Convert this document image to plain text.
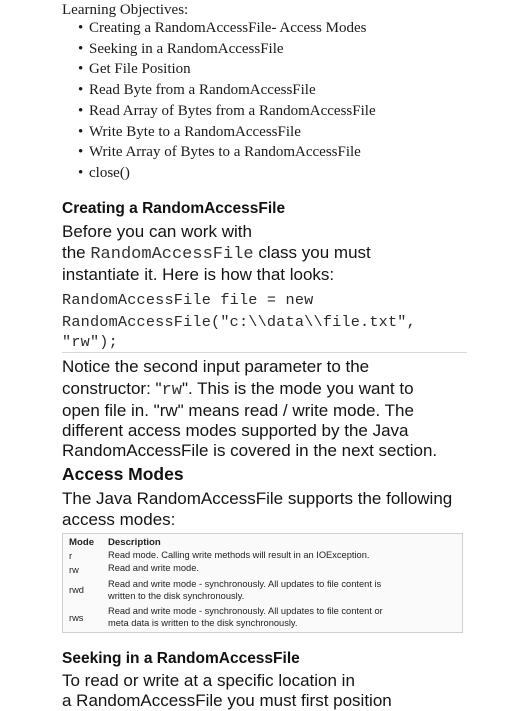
Learning Objectives:
• Creating a RandomAccessFile- Access Modes
• Seeking in a RandomAccessFile
• Get File Position
• Read Byte from a RandomAccessFile
• Read Array of Bytes from a RandomAccessFile
• Write Byte to a RandomAccessFile
• Write Array of Bytes to a RandomAccessFile
• close()
Creating a RandomAccessFile
Before you can work with
the RandomAccessFile class you must
instantiate it. Here is how that looks:
RandomAccessFile file = new
RandomAccessFile("c:\\data\\file.txt",
"rw");
Notice the second input parameter to the
constructor: "rw". This is the mode you want to
open file in. "rw" means read / write mode. The
different access modes supported by the Java
RandomAccessFile is covered in the next section.
Access Modes
The Java RandomAccessFile supports the following
access modes:
Mode Description
r	Read mode. Calling write methods will result in an IOException.
rw	Read and write mode.
rwd
Read and write mode - synchronously. All updates to file content is
written to the disk synchronously.
rws
Read and write mode - synchronously. All updates to file content or
meta data is written to the disk synchronously.
Seeking in a RandomAccessFile
To read or write at a specific location in
a RandomAccessFile you must first position
